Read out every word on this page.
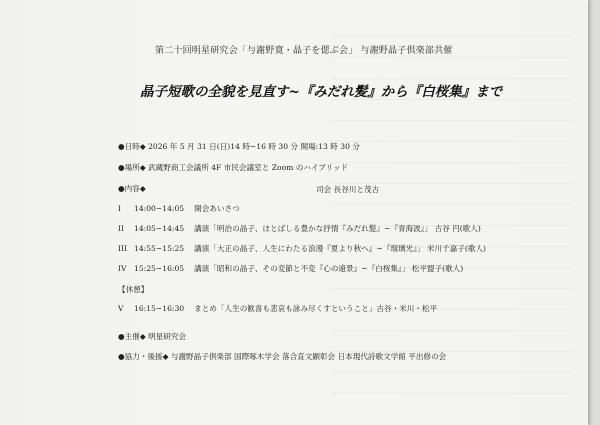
第二十回明星研究会「与謝野寛・晶子を偲ぶ会」 与謝野晶子倶楽部共催
晶子短歌の全貌を見直す~『みだれ髪』から『白桜集』まで
●日時◆ 2026 年 5 月 31 日(日)14 時~16 時 30 分 開場:13 時 30 分
●場所◆ 武蔵野商工会議所 4F 市民会議室と Zoom のハイブリッド
●内容◆	司会 長谷川と茂古
I 14:00~14:05 開会あいさつ
II 14:05~14:45 講演「明治の晶子、ほとばしる豊かな抒情『みだれ髪』~『青海波』」 古谷 円(歌人)
III 14:55~15:25 講演「大正の晶子、人生にわたる浪漫『夏より秋へ』~『瑠璃光』」 米川千嘉子(歌人)
IV 15:25~16:05 講演「昭和の晶子、その変節と不変『心の遠景』~『白桜集』」 松平盟子(歌人)
【休憩】
V 16:15~16:30 まとめ「人生の歓喜も悲哀も詠み尽くすということ」古谷・米川・松平
●主催◆ 明星研究会
●協力・後援◆ 与謝野晶子倶楽部 国際啄木学会 落合直文顕彰会 日本現代詩歌文学館 平出修の会
